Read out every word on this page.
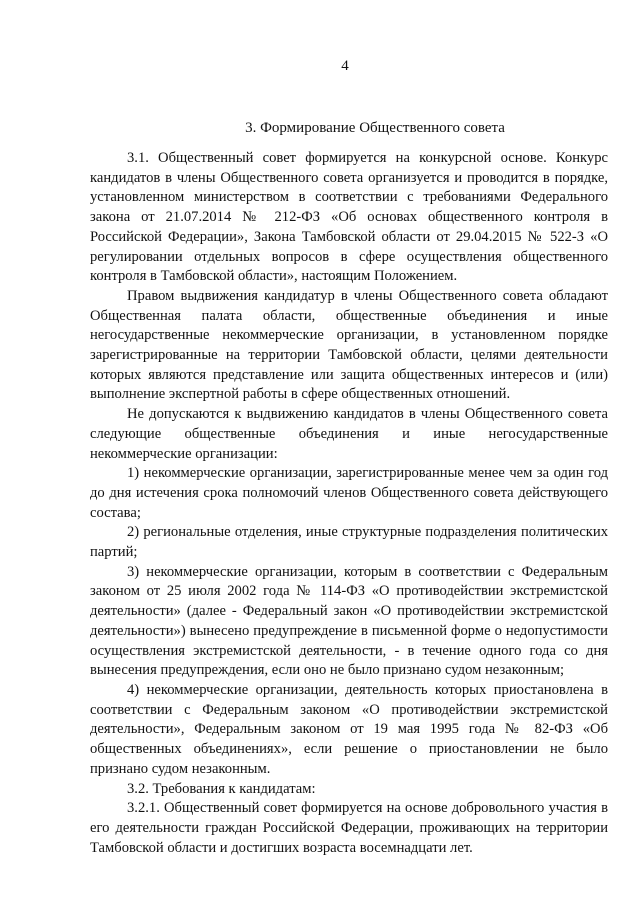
4
3. Формирование Общественного совета

3.1. Общественный совет формируется на конкурсной основе. Конкурс кандидатов в члены Общественного совета организуется и проводится в порядке, установленном министерством в соответствии с требованиями Федерального закона от 21.07.2014 № 212-ФЗ «Об основах общественного контроля в Российской Федерации», Закона Тамбовской области от 29.04.2015 № 522-З «О регулировании отдельных вопросов в сфере осуществления общественного контроля в Тамбовской области», настоящим Положением.

Правом выдвижения кандидатур в члены Общественного совета обладают Общественная палата области, общественные объединения и иные негосударственные некоммерческие организации, в установленном порядке зарегистрированные на территории Тамбовской области, целями деятельности которых являются представление или защита общественных интересов и (или) выполнение экспертной работы в сфере общественных отношений.

Не допускаются к выдвижению кандидатов в члены Общественного совета следующие общественные объединения и иные негосударственные некоммерческие организации:

1) некоммерческие организации, зарегистрированные менее чем за один год до дня истечения срока полномочий членов Общественного совета действующего состава;

2) региональные отделения, иные структурные подразделения политических партий;

3) некоммерческие организации, которым в соответствии с Федеральным законом от 25 июля 2002 года № 114-ФЗ «О противодействии экстремистской деятельности» (далее - Федеральный закон «О противодействии экстремистской деятельности») вынесено предупреждение в письменной форме о недопустимости осуществления экстремистской деятельности, - в течение одного года со дня вынесения предупреждения, если оно не было признано судом незаконным;

4) некоммерческие организации, деятельность которых приостановлена в соответствии с Федеральным законом «О противодействии экстремистской деятельности», Федеральным законом от 19 мая 1995 года № 82-ФЗ «Об общественных объединениях», если решение о приостановлении не было признано судом незаконным.

3.2. Требования к кандидатам:

3.2.1. Общественный совет формируется на основе добровольного участия в его деятельности граждан Российской Федерации, проживающих на территории Тамбовской области и достигших возраста восемнадцати лет.
